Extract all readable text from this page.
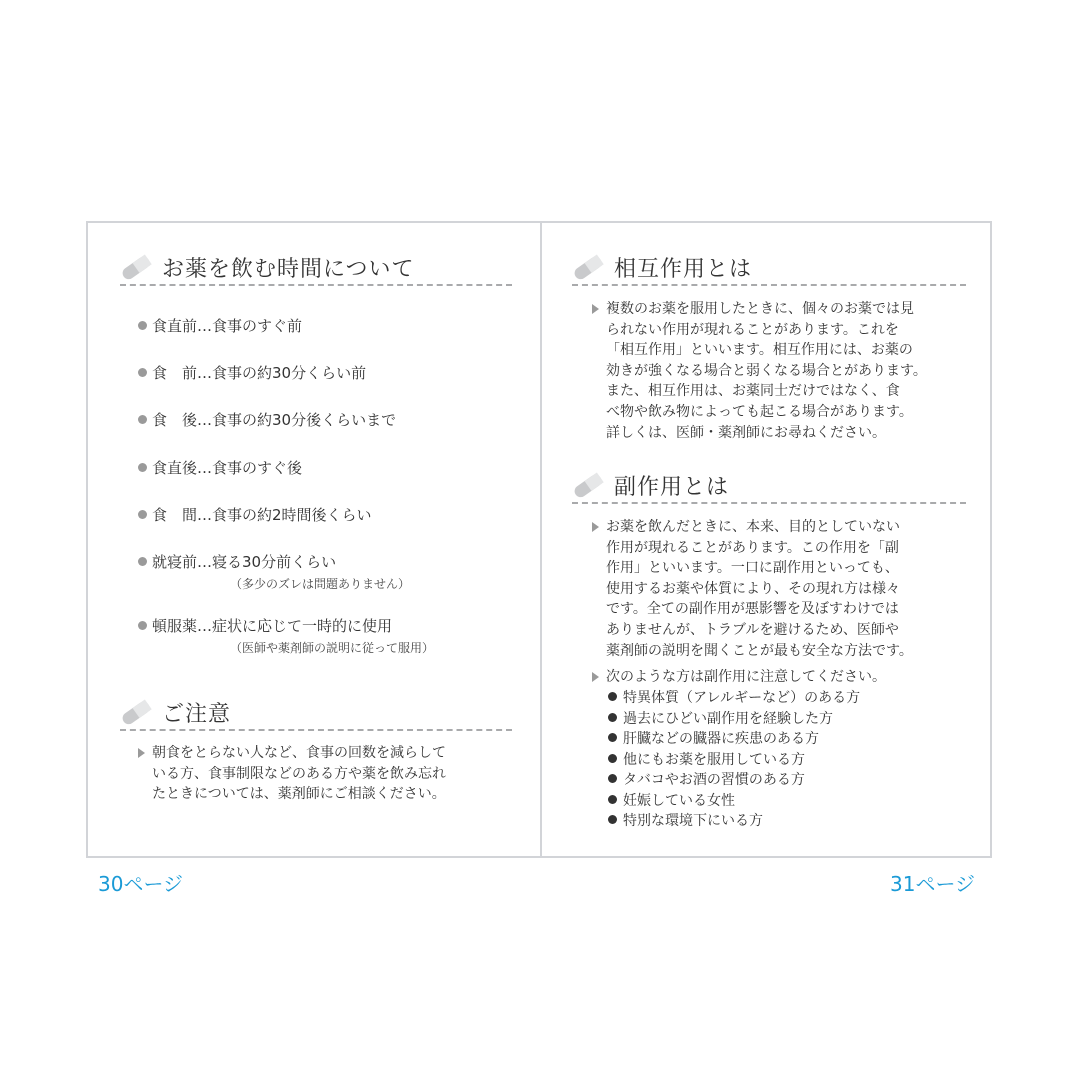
お薬を飲む時間について
食直前…食事のすぐ前
食　前…食事の約30分くらい前
食　後…食事の約30分後くらいまで
食直後…食事のすぐ後
食　間…食事の約2時間後くらい
就寝前…寝る30分前くらい
（多少のズレは問題ありません）
頓服薬…症状に応じて一時的に使用
（医師や薬剤師の説明に従って服用）
ご注意

朝食をとらない人など、食事の回数を減らして

いる方、食事制限などのある方や薬を飲み忘れ

たときについては、薬剤師にご相談ください。

相互作用とは

複数のお薬を服用したときに、個々のお薬では見

られない作用が現れることがあります。これを

「相互作用」といいます。相互作用には、お薬の

効きが強くなる場合と弱くなる場合とがあります。

また、相互作用は、お薬同士だけではなく、食

べ物や飲み物によっても起こる場合があります。

詳しくは、医師・薬剤師にお尋ねください。

副作用とは

お薬を飲んだときに、本来、目的としていない

作用が現れることがあります。この作用を「副

作用」といいます。一口に副作用といっても、

使用するお薬や体質により、その現れ方は様々

です。全ての副作用が悪影響を及ぼすわけでは

ありませんが、トラブルを避けるため、医師や

薬剤師の説明を聞くことが最も安全な方法です。

次のような方は副作用に注意してください。

特異体質（アレルギーなど）のある方
過去にひどい副作用を経験した方
肝臓などの臓器に疾患のある方
他にもお薬を服用している方
タバコやお酒の習慣のある方
妊娠している女性
特別な環境下にいる方
30ページ	31ページ
